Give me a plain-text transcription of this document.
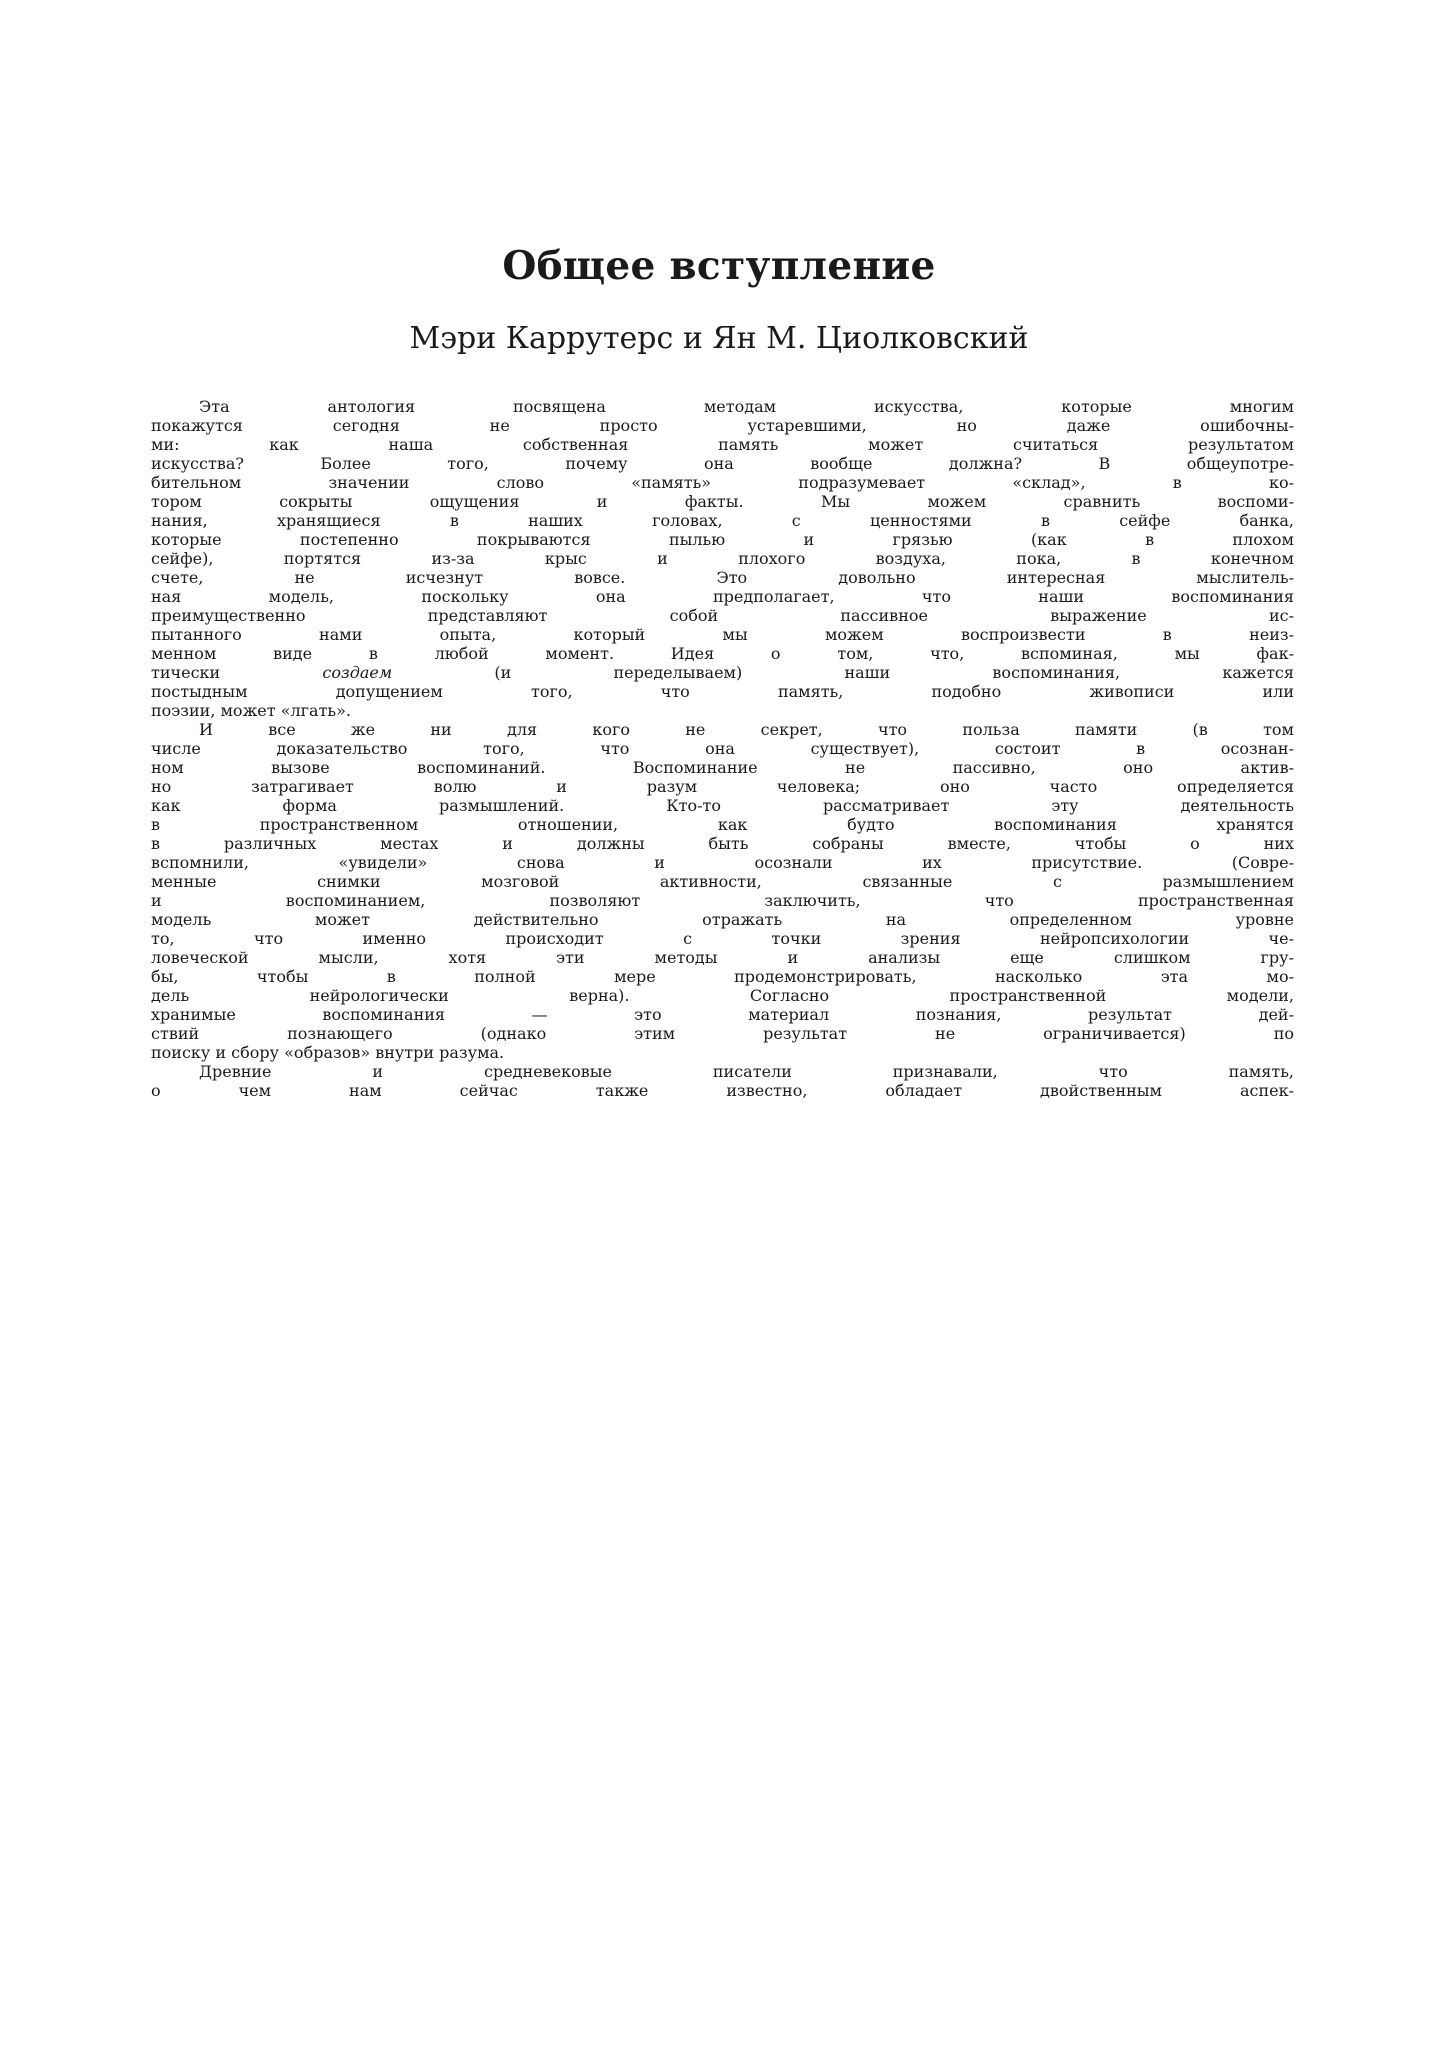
Общее вступление
Мэри Каррутерс и Ян М. Циолковский
Эта антология посвящена методам искусства, которые многим
покажутся сегодня не просто устаревшими, но даже ошибочны-
ми: как наша собственная память может считаться результатом
искусства? Более того, почему она вообще должна? В общеупотре-
бительном значении слово «память» подразумевает «склад», в ко-
тором сокрыты ощущения и факты. Мы можем сравнить воспоми-
нания, хранящиеся в наших головах, с ценностями в сейфе банка,
которые постепенно покрываются пылью и грязью (как в плохом
сейфе), портятся из-за крыс и плохого воздуха, пока, в конечном
счете, не исчезнут вовсе. Это довольно интересная мыслитель-
ная модель, поскольку она предполагает, что наши воспоминания
преимущественно представляют собой пассивное выражение ис-
пытанного нами опыта, который мы можем воспроизвести в неиз-
менном виде в любой момент. Идея о том, что, вспоминая, мы фак-
тически	создаем	(и переделываем) наши воспоминания, кажется
постыдным допущением того, что память, подобно живописи или
поэзии, может «лгать».
И все же ни для кого не секрет, что польза памяти (в том
числе доказательство того, что она существует), состоит в осознан-
ном вызове воспоминаний. Воспоминание не пассивно, оно актив-
но затрагивает волю и разум человека; оно часто определяется
как форма размышлений. Кто-то рассматривает эту деятельность
в пространственном отношении, как будто воспоминания хранятся
в различных местах и должны быть собраны вместе, чтобы о них
вспомнили, «увидели» снова и осознали их присутствие. (Совре-
менные снимки мозговой активности, связанные с размышлением
и воспоминанием, позволяют заключить, что пространственная
модель может действительно отражать на определенном уровне
то, что именно происходит с точки зрения нейропсихологии че-
ловеческой мысли, хотя эти методы и анализы еще слишком гру-
бы, чтобы в полной мере продемонстрировать, насколько эта мо-
дель нейрологически верна). Согласно пространственной модели,
хранимые воспоминания — это материал познания, результат дей-
ствий познающего (однако этим результат не ограничивается) по
поиску и сбору «образов» внутри разума.
Древние и средневековые писатели признавали, что память,
о чем нам сейчас также известно, обладает двойственным аспек-
